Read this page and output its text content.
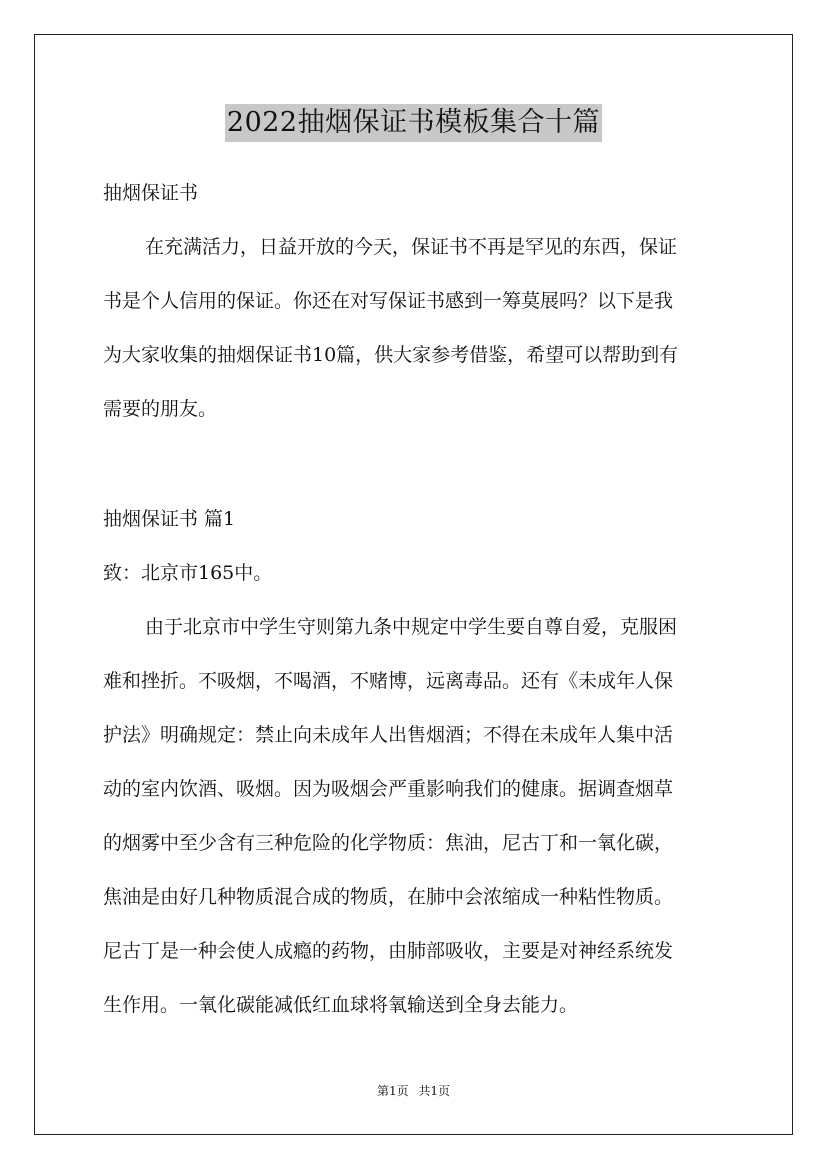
2022抽烟保证书模板集合十篇
抽烟保证书
在充满活力，日益开放的今天，保证书不再是罕见的东西，保证
书是个人信用的保证。你还在对写保证书感到一筹莫展吗？以下是我
为大家收集的抽烟保证书10篇，供大家参考借鉴，希望可以帮助到有
需要的朋友。
抽烟保证书 篇1
致：北京市165中。
由于北京市中学生守则第九条中规定中学生要自尊自爱，克服困
难和挫折。不吸烟，不喝酒，不赌博，远离毒品。还有《未成年人保
护法》明确规定：禁止向未成年人出售烟酒；不得在未成年人集中活
动的室内饮酒、吸烟。因为吸烟会严重影响我们的健康。据调查烟草
的烟雾中至少含有三种危险的化学物质：焦油，尼古丁和一氧化碳，
焦油是由好几种物质混合成的物质，在肺中会浓缩成一种粘性物质。
尼古丁是一种会使人成瘾的药物，由肺部吸收，主要是对神经系统发
生作用。一氧化碳能减低红血球将氧输送到全身去能力。
第1页 共1页
